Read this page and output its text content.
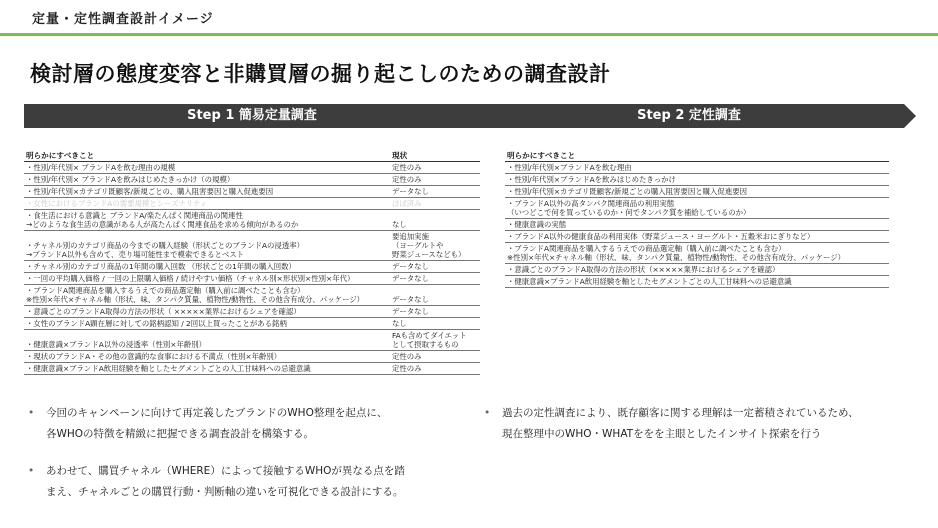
定量・定性調査設計イメージ
検討層の態度変容と非購買層の掘り起こしのための調査設計
Step 1 簡易定量調査	Step 2 定性調査
明らかにすべきこと	現状
・性別/年代別× ブランドAを飲む理由の規模	定性のみ
・性別/年代別× ブランドAを飲みはじめたきっかけ（の規模）	定性のみ
・性別/年代別×カテゴリ既顧客/新規ごとの、購入阻害要因と購入促進要因	データなし
・女性におけるブランドAの需要規模とシーズナリティ	ほぼ済み
・食生活における意識と ブランドA/楽たんぱく関連商品の関連性
→どのような食生活の意識がある人が高たんぱく関連食品を求める傾向があるのか	なし
・チャネル別のカテゴリ商品の今までの購入経験（形状ごとのブランドAの浸透率）
→ブランドA以外も含めて、売り場可能性まで模索できるとベスト	要追加実施
（ヨーグルトや
野菜ジュースなども）
・チャネル別のカテゴリ商品の1年間の購入回数 （形状ごとの1年間の購入回数）	データなし
・一回の平均購入価格 / 一回の上限購入価格 / 続けやすい価格（チャネル別×形状別×性別×年代）	データなし
・ブランドA関連商品を購入するうえでの商品選定軸（購入前に調べたことも含む）
※性別×年代×チャネル軸（形状、味、タンパク質量、植物性/動物性、その他含有成分、パッケージ）	データなし
・意識ごとのブランドA取得の方法の形状（ ×××××業界におけるシェアを確認）	データなし
・女性のブランドA顕在層に対しての銘柄認知 / 2回以上買ったことがある銘柄	なし
・健康意識×ブランドA以外の浸透率（性別×年齢別）	FAも含めてダイエット
として摂取するもの
・現状のブランドA・その他の意識的な食事における不満点（性別×年齢別）	定性のみ
・健康意識×ブランドA飲用経験を軸としたセグメントごとの人工甘味料への忌避意識	定性のみ
明らかにすべきこと
・性別/年代別×ブランドAを飲む理由
・性別/年代別×ブランドAを飲みはじめたきっかけ
・性別/年代別×カテゴリ既顧客/新規ごとの購入阻害要因と購入促進要因
・ブランドA以外の高タンパク関連商品の利用実態
（いつどこで何を買っているのか・何でタンパク質を補給しているのか）
・健康意識の実態
・ブランドA以外の健康食品の利用実体（野菜ジュース・ヨーグルト・五穀米おにぎりなど）
・ブランドA関連商品を購入するうえでの商品選定軸（購入前に調べたことも含む）
※性別×年代×チャネル軸（形状、味、タンパク質量、植物性/動物性、その他含有成分、パッケージ）
・意識ごとのブランドA取得の方法の形状（×××××業界におけるシェアを確認）
・健康意識×ブランドA飲用経験を軸としたセグメントごとの人工甘味料への忌避意識
• 今回のキャンペーンに向けて再定義したブランドのWHO整理を起点に、
各WHOの特徴を精緻に把握できる調査設計を構築する。
• あわせて、購買チャネル（WHERE）によって接触するWHOが異なる点を踏
まえ、チャネルごとの購買行動・判断軸の違いを可視化できる設計にする。
• 過去の定性調査により、既存顧客に関する理解は一定蓄積されているため、
現在整理中のWHO・WHATををを主眼としたインサイト探索を行う
